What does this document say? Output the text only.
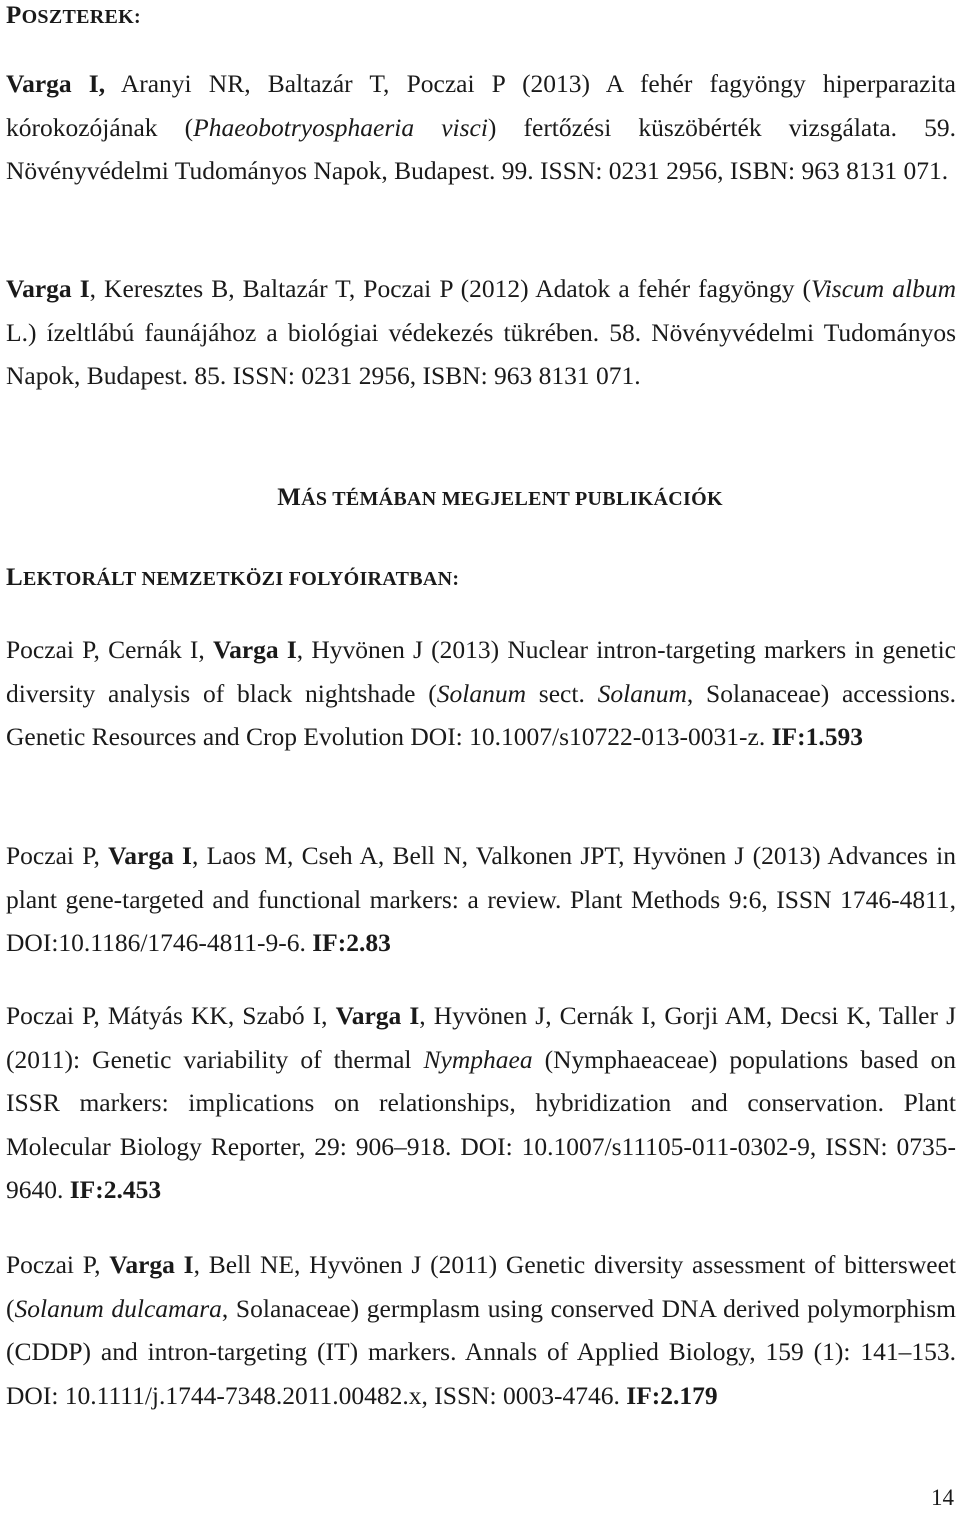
POSZTEREK:
Varga I, Aranyi NR, Baltazár T, Poczai P (2013) A fehér fagyöngy hiperparazita kórokozójának (Phaeobotryosphaeria visci) fertőzési küszöbérték vizsgálata. 59. Növényvédelmi Tudományos Napok, Budapest. 99. ISSN: 0231 2956, ISBN: 963 8131 071.
Varga I, Keresztes B, Baltazár T, Poczai P (2012) Adatok a fehér fagyöngy (Viscum album L.) ízeltlábú faunájához a biológiai védekezés tükrében. 58. Növényvédelmi Tudományos Napok, Budapest. 85. ISSN: 0231 2956, ISBN: 963 8131 071.
MÁS TÉMÁBAN MEGJELENT PUBLIKÁCIÓK
LEKTORÁLT NEMZETKÖZI FOLYÓIRATBAN:
Poczai P, Cernák I, Varga I, Hyvönen J (2013) Nuclear intron-targeting markers in genetic diversity analysis of black nightshade (Solanum sect. Solanum, Solanaceae) accessions. Genetic Resources and Crop Evolution DOI: 10.1007/s10722-013-0031-z. IF:1.593
Poczai P, Varga I, Laos M, Cseh A, Bell N, Valkonen JPT, Hyvönen J (2013) Advances in plant gene-targeted and functional markers: a review. Plant Methods 9:6, ISSN 1746-4811, DOI:10.1186/1746-4811-9-6. IF:2.83
Poczai P, Mátyás KK, Szabó I, Varga I, Hyvönen J, Cernák I, Gorji AM, Decsi K, Taller J (2011): Genetic variability of thermal Nymphaea (Nymphaeaceae) populations based on ISSR markers: implications on relationships, hybridization and conservation. Plant Molecular Biology Reporter, 29: 906–918. DOI: 10.1007/s11105-011-0302-9, ISSN: 0735-9640. IF:2.453
Poczai P, Varga I, Bell NE, Hyvönen J (2011) Genetic diversity assessment of bittersweet (Solanum dulcamara, Solanaceae) germplasm using conserved DNA derived polymorphism (CDDP) and intron-targeting (IT) markers. Annals of Applied Biology, 159 (1): 141–153. DOI: 10.1111/j.1744-7348.2011.00482.x, ISSN: 0003-4746. IF:2.179
14
